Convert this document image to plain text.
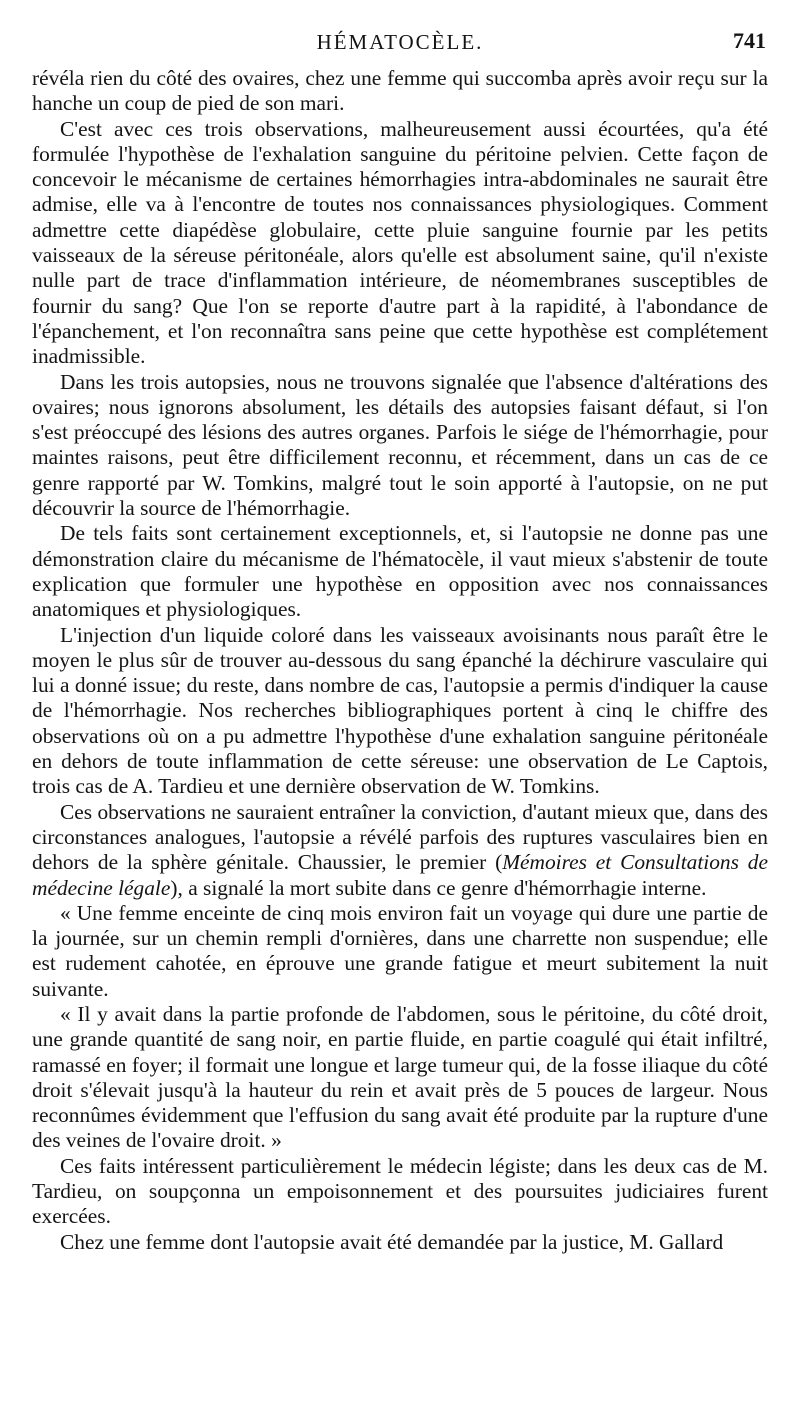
HÉMATOCÈLE.	741

révéla rien du côté des ovaires, chez une femme qui succomba après avoir reçu sur la hanche un coup de pied de son mari.

C'est avec ces trois observations, malheureusement aussi écourtées, qu'a été formulée l'hypothèse de l'exhalation sanguine du péritoine pelvien. Cette façon de concevoir le mécanisme de certaines hémorrhagies intra-abdominales ne saurait être admise, elle va à l'encontre de toutes nos connaissances physiologiques. Comment admettre cette diapédèse globulaire, cette pluie sanguine fournie par les petits vaisseaux de la séreuse péritonéale, alors qu'elle est absolument saine, qu'il n'existe nulle part de trace d'inflammation intérieure, de néomembranes susceptibles de fournir du sang? Que l'on se reporte d'autre part à la rapidité, à l'abondance de l'épanchement, et l'on reconnaîtra sans peine que cette hypothèse est complétement inadmissible.

Dans les trois autopsies, nous ne trouvons signalée que l'absence d'altérations des ovaires; nous ignorons absolument, les détails des autopsies faisant défaut, si l'on s'est préoccupé des lésions des autres organes. Parfois le siége de l'hémorrhagie, pour maintes raisons, peut être difficilement reconnu, et récemment, dans un cas de ce genre rapporté par W. Tomkins, malgré tout le soin apporté à l'autopsie, on ne put découvrir la source de l'hémorrhagie.

De tels faits sont certainement exceptionnels, et, si l'autopsie ne donne pas une démonstration claire du mécanisme de l'hématocèle, il vaut mieux s'abstenir de toute explication que formuler une hypothèse en opposition avec nos connaissances anatomiques et physiologiques.

L'injection d'un liquide coloré dans les vaisseaux avoisinants nous paraît être le moyen le plus sûr de trouver au-dessous du sang épanché la déchirure vasculaire qui lui a donné issue; du reste, dans nombre de cas, l'autopsie a permis d'indiquer la cause de l'hémorrhagie. Nos recherches bibliographiques portent à cinq le chiffre des observations où on a pu admettre l'hypothèse d'une exhalation sanguine péritonéale en dehors de toute inflammation de cette séreuse: une observation de Le Captois, trois cas de A. Tardieu et une dernière observation de W. Tomkins.

Ces observations ne sauraient entraîner la conviction, d'autant mieux que, dans des circonstances analogues, l'autopsie a révélé parfois des ruptures vasculaires bien en dehors de la sphère génitale. Chaussier, le premier (Mémoires et Consultations de médecine légale), a signalé la mort subite dans ce genre d'hémorrhagie interne.

« Une femme enceinte de cinq mois environ fait un voyage qui dure une partie de la journée, sur un chemin rempli d'ornières, dans une charrette non suspendue; elle est rudement cahotée, en éprouve une grande fatigue et meurt subitement la nuit suivante.

« Il y avait dans la partie profonde de l'abdomen, sous le péritoine, du côté droit, une grande quantité de sang noir, en partie fluide, en partie coagulé qui était infiltré, ramassé en foyer; il formait une longue et large tumeur qui, de la fosse iliaque du côté droit s'élevait jusqu'à la hauteur du rein et avait près de 5 pouces de largeur. Nous reconnûmes évidemment que l'effusion du sang avait été produite par la rupture d'une des veines de l'ovaire droit. »

Ces faits intéressent particulièrement le médecin légiste; dans les deux cas de M. Tardieu, on soupçonna un empoisonnement et des poursuites judiciaires furent exercées.

Chez une femme dont l'autopsie avait été demandée par la justice, M. Gallard
